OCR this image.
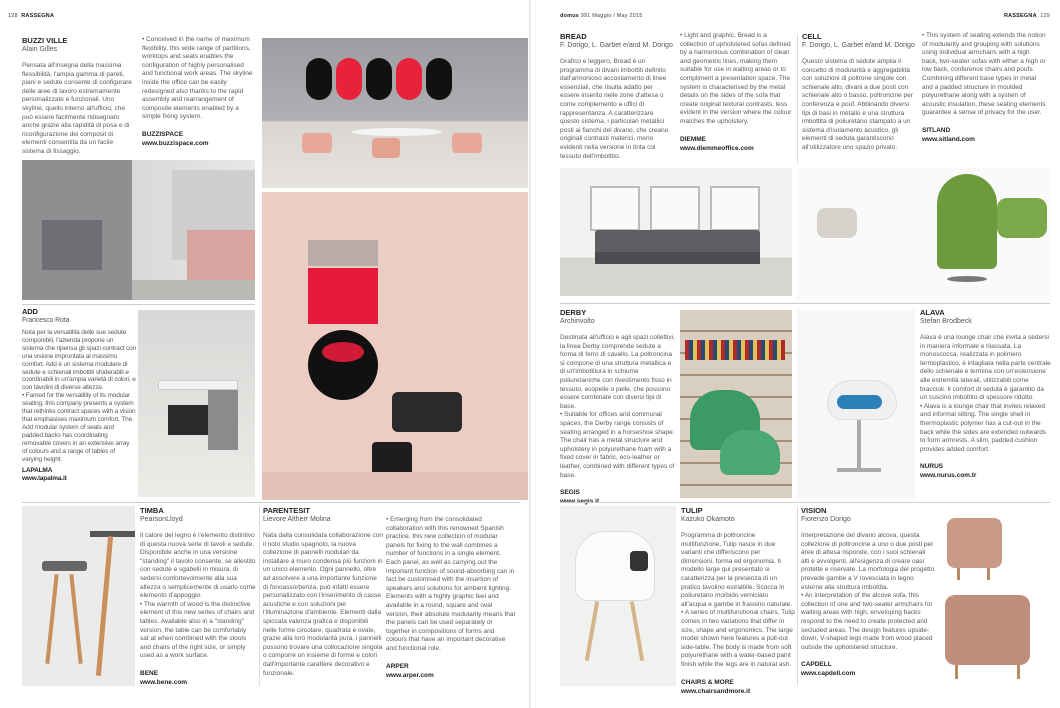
128 RASSEGNA	domus 991 Maggio / May 2015	RASSEGNA 129
BUZZI VILLE
Alain Gilles

Pensata all'insegna della massima flessibilità, l'ampia gamma di pareti, piani e sedute consente di configurare delle aree di lavoro estremamente personalizzate e funzionali. Uno skyline, quello interno all'ufficio, che può essere facilmente ridisegnato anche grazie alla rapidità di posa e di riconfigurazione dei composit di elementi consentita da un facile sistema di fissaggio.

• Conceived in the name of maximum flexibility, this wide range of partitions, worktops and seats enables the configuration of highly personalised and functional work areas. The skyline inside the office can be easily redesigned also thanks to the rapid assembly and rearrangement of composite elements enabled by a simple fixing system.

BUZZISPACE
www.buzzispace.com
ADD
Francesco Rota

Nota per la versatilità delle sue sedute componibili, l'azienda propone un sistema che ripensa gli spazi contract con una visione improntata al massimo comfort. Add è un sistema modulare di sedute e schienali imbottiti sfoderabili e coordinabili in un'ampia varietà di colori, e con tavolini di diverse altezze.

• Famed for the versatility of its modular seating, this company presents a system that rethinks contract spaces with a vision that emphasises maximum comfort. The Add modular system of seats and padded backs has coordinating removable covers in an extensive array of colours and a range of tables of varying height.

LAPALMA
www.lapalma.it
TIMBA
PearsonLloyd

Il calore del legno è l'elemento distintivo di questa nuova serie di tavoli e sedute. Disponibile anche in una versione "standing" il tavolo consente, se allestito con sedute e sgabelli in misura, di sedersi confortevolmente alla sua altezza o semplicemente di usarlo come elemento d'appoggio.

• The warmth of wood is the distinctive element of this new series of chairs and tables. Available also in a "standing" version, the table can be comfortably sat at when combined with the stools and chairs of the right size, or simply used as a work surface.

BENE
www.bene.com
PARENTESIT
Lievore Altherr Molina

Nata dalla consolidata collaborazione con il noto studio spagnolo, la nuova collezione di pannelli modulari da installare a muro condensa più funzioni in un unico elemento. Ogni pannello, oltre ad assolvere a una importante funzione di fonoassorbenza, può infatti essere personalizzato con l'inserimento di casse acustiche e con soluzioni per l'illuminazione d'ambiente. Elementi dalla spiccata valenza grafica e disponibili nelle forme circolare, quadrata e ovale, grazie alla loro modularità pura, i pannelli possono trovare una collocazione singola o comporre un insieme di forme e colori dall'importante carattere decorativo e funzionale.

• Emerging from the consolidated collaboration with this renowned Spanish practice, this new collection of modular panels for fixing to the wall combines a number of functions in a single element. Each panel, as well as carrying out the important function of sound-absorbing can in fact be customised with the insertion of speakers and solutions for ambient lighting. Elements with a highly graphic feel and available in a round, square and oval version, their absolute modularity means that the panels can be used separately or together in compositions of forms and colours that have an important decorative and functional role.

ARPER
www.arper.com
BREAD
F. Dorigo, L. Garbet e/and M. Dorigo

Grafico e leggero, Bread è un programma di divani imbottiti definito dall'armonioso accostamento di linee essenziali, che risulta adatto per essere inserito nelle zone d'attesa o come complemento a uffici di rappresentanza. A caratterizzare questo sistema, i particolari metallici posti ai fianchi del divano, che creano originali contrasti materici, meno evidenti nella versione in tinta col tessuto dell'imbottito.

• Light and graphic, Bread is a collection of upholstered sofas defined by a harmonious combination of clean and geometric lines, making them suitable for use in waiting areas or to compliment a presentation space. The system is characterised by the metal details on the sides of the sofa that create original textural contrasts, less evident in the version where the colour matches the upholstery.

DIEMME
www.diemmeoffice.com
CELL
F. Dorigo, L. Garbet e/and M. Dorigo

Questo sistema di sedute amplia il concetto di modularità e aggregabilità con soluzioni di poltrone singole con schienale alto, divani a due posti con schienale alto o basso, poltroncine per conferenza e pouf. Abbinando diversi tipi di basi in metallo e una struttura imbottita di poliuretano stampato a un sistema d'isolamento acustico, gli elementi di seduta garantiscono all'utilizzatore uno spazio privato.

• This system of seating extends the notion of modularity and grouping with solutions using individual armchairs with a high back, two-seater sofas with either a high or low back, conference chairs and poufs. Combining different base types in metal and a padded structure in moulded polyurethane along with a system of acoustic insulation, these seating elements guarantee a sense of privacy for the user.

SITLAND
www.sitland.com
DERBY
Archirivolto

Destinata all'ufficio e agli spazi collettivi, la linea Derby comprende sedute a forma di ferro di cavallo. La poltroncina si compone di una struttura metallica e di un'imbottitura in schiume poliuretaniche con rivestimento fisso in tessuto, ecopelle o pelle, che possono essere combinate con diversi tipi di base.

• Suitable for offices and communal spaces, the Derby range consists of seating arranged in a horseshoe shape. The chair has a metal structure and upholstery in polyurethane foam with a fixed cover in fabric, eco-leather or leather, combined with different types of base.

SEGIS
ALAVA
Stefan Brodbeck

Alava è una lounge chair che invita a sedersi in maniera informale e rilassata. La monoscocca, realizzata in polimero termoplastico, è intagliata nella parte centrale dello schienale e termina con un'estensione alle estremità laterali, utilizzabili come braccioli. Il comfort di seduta è garantito da un cuscino imbottito di spessore ridotto.

• Alava is a lounge chair that invites relaxed and informal sitting. The single shell in thermoplastic polymer has a cut-out in the back while the sides are extended outwards to form armrests. A slim, padded cushion provides added comfort.

NURUS
www.nurus.com.tr
TULIP
Kazuko Okamoto

Programma di poltroncine multifunzione, Tulip nasce in due varianti che differiscono per dimensioni, forma ed ergonomia. Il modello large qui presentato si caratterizza per la presenza di un pratico tavolino estraibile. Scocca in poliuretano morbido verniciato all'acqua e gambe in frassino naturale.

• A series of multifunctional chairs, Tulip comes in two variations that differ in size, shape and ergonomics. The large model shown here features a pull-out side-table. The body is made from soft polyurethane with a water-based paint finish while the legs are in natural ash.

CHAIRS & MORE
www.chairsandmore.it
VISION
Fiorenzo Dorigo

Interpretazione del divano alcova, questa collezione di poltroncine a uno o due posti per aree di attesa risponde, con i suoi schienali alti e avvolgenti, all'esigenza di creare oasi protette e riservate. La morfologia del progetto prevede gambe a V rovesciata in legno esterne alla struttura imbottita.

• An interpretation of the alcove sofa, this collection of one and two-seater armchairs for waiting areas with high, enveloping backs respond to the need to create protected and secluded areas. The design features upside-down, V-shaped legs made from wood placed outside the upholstered structure.

CAPDELL
www.capdell.com
